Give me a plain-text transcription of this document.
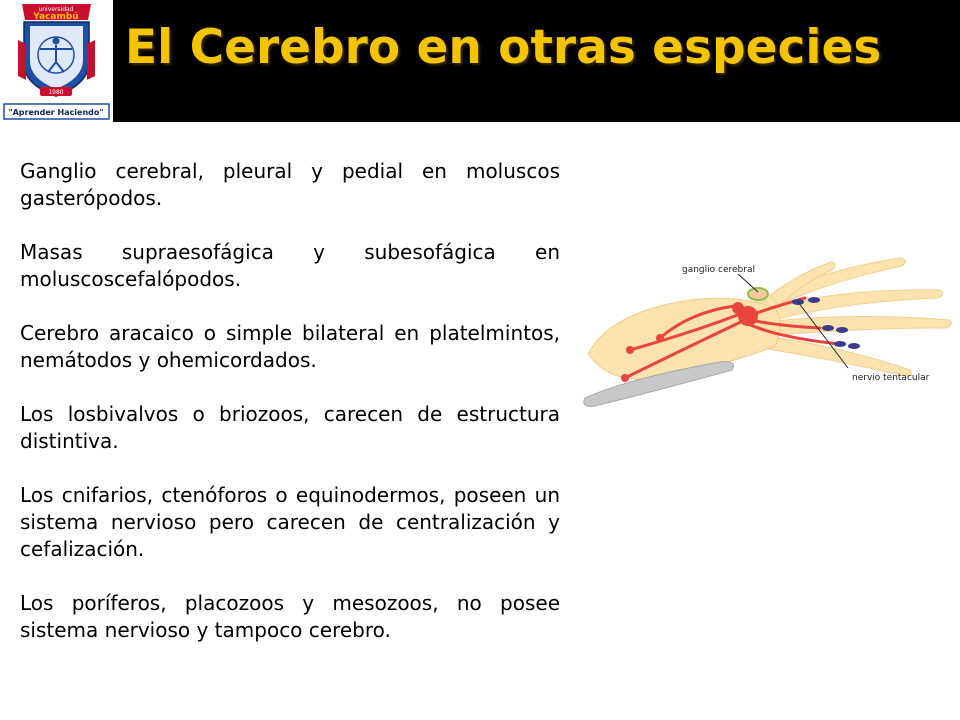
universidad
Yacambú
1980
"Aprender Haciendo"
El Cerebro en otras especies

Ganglio cerebral, pleural y pedial en moluscos gasterópodos.

Masas supraesofágica y subesofágica en moluscoscefalópodos.

Cerebro aracaico o simple bilateral en platelmintos, nemátodos y ohemicordados.

Los losbivalvos o briozoos, carecen de estructura distintiva.

Los cnifarios, ctenóforos o equinodermos, poseen un sistema nervioso pero carecen de centralización y cefalización.

Los poríferos, placozoos y mesozoos, no posee sistema nervioso y tampoco cerebro.

ganglio cerebral
nervio tentacular
